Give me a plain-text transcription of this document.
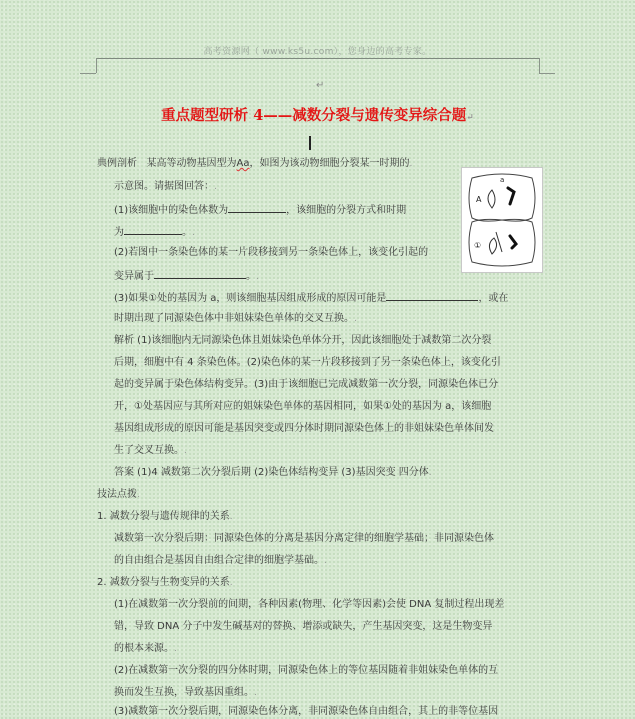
高考资源网（ www.ks5u.com），您身边的高考专家。
↵
重点题型研析 4——减数分裂与遗传变异综合题↵
典例剖析 某高等动物基因型为Aa，如图为该动物细胞分裂某一时期的.
示意图。请据图回答：.
(1)该细胞中的染色体数为	，该细胞的分裂方式和时期
为	。.
(2)若图中一条染色体的某一片段移接到另一条染色体上，该变化引起的
变异属于	。.
(3)如果①处的基因为 a，则该细胞基因组成形成的原因可能是	，或在
时期出现了同源染色体中非姐妹染色单体的交叉互换。.
A
①
a
解析 (1)该细胞内无同源染色体且姐妹染色单体分开，因此该细胞处于减数第二次分裂
后期，细胞中有 4 条染色体。(2)染色体的某一片段移接到了另一条染色体上，该变化引
起的变异属于染色体结构变异。(3)由于该细胞已完成减数第一次分裂，同源染色体已分
开，①处基因应与其所对应的姐妹染色单体的基因相同，如果①处的基因为 a，该细胞
基因组成形成的原因可能是基因突变或四分体时期同源染色体上的非姐妹染色单体间发
生了交叉互换。.
答案 (1)4 减数第二次分裂后期 (2)染色体结构变异 (3)基因突变 四分体.
技法点拨.
1. 减数分裂与遗传规律的关系.
减数第一次分裂后期：同源染色体的分离是基因分离定律的细胞学基础；非同源染色体
的自由组合是基因自由组合定律的细胞学基础。.
2. 减数分裂与生物变异的关系.
(1)在减数第一次分裂前的间期，各种因素(物理、化学等因素)会使 DNA 复制过程出现差
错，导致 DNA 分子中发生碱基对的替换、增添或缺失，产生基因突变，这是生物变异
的根本来源。.
(2)在减数第一次分裂的四分体时期，同源染色体上的等位基因随着非姐妹染色单体的互
换而发生互换，导致基因重组。.
(3)减数第一次分裂后期，同源染色体分离，非同源染色体自由组合，其上的非等位基因
